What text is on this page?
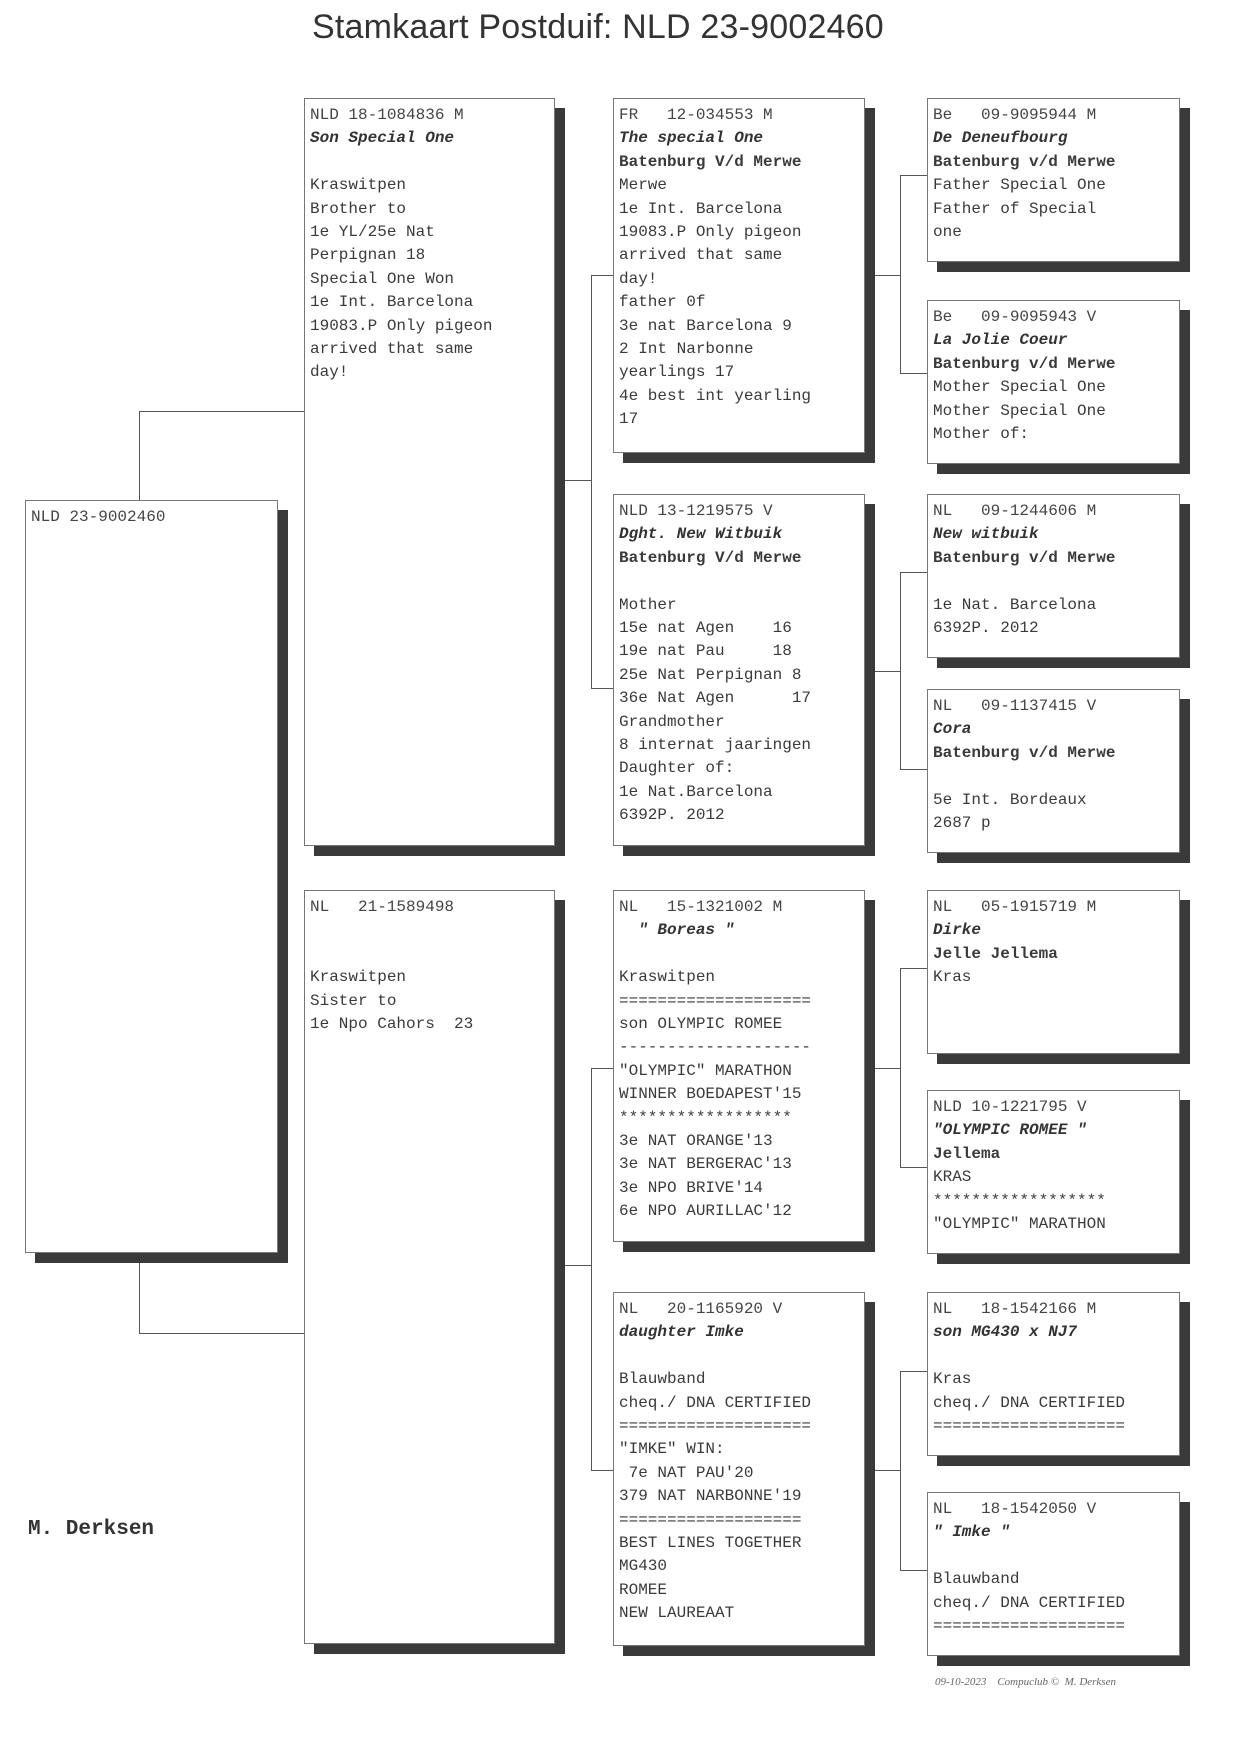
Stamkaart Postduif: NLD 23-9002460
NLD 23-9002460
NLD 18-1084836 M
Son Special One
Kraswitpen
Brother to
1e YL/25e Nat
Perpignan 18
Special One Won
1e Int. Barcelona
19083.P Only pigeon
arrived that same
day!
NL   21-1589498
Kraswitpen
Sister to
1e Npo Cahors  23
FR   12-034553 M
The special One
Batenburg V/d Merwe
Merwe
1e Int. Barcelona
19083.P Only pigeon
arrived that same
day!
father 0f
3e nat Barcelona 9
2 Int Narbonne
yearlings 17
4e best int yearling
17
NLD 13-1219575 V
Dght. New Witbuik
Batenburg V/d Merwe
Mother
15e nat Agen    16
19e nat Pau     18
25e Nat Perpignan 8
36e Nat Agen      17
Grandmother
8 internat jaaringen
Daughter of:
1e Nat.Barcelona
6392P. 2012
NL   15-1321002 M
" Boreas "
Kraswitpen
====================
son OLYMPIC ROMEE
--------------------
"OLYMPIC" MARATHON
WINNER BOEDAPEST'15
******************
3e NAT ORANGE'13
3e NAT BERGERAC'13
3e NPO BRIVE'14
6e NPO AURILLAC'12
NL   20-1165920 V
daughter Imke
Blauwband
cheq./ DNA CERTIFIED
====================
"IMKE" WIN:
7e NAT PAU'20
379 NAT NARBONNE'19
===================
BEST LINES TOGETHER
MG430
ROMEE
NEW LAUREAAT
Be   09-9095944 M
De Deneufbourg
Batenburg v/d Merwe
Father Special One
Father of Special
one
Be   09-9095943 V
La Jolie Coeur
Batenburg v/d Merwe
Mother Special One
Mother Special One
Mother of:
NL   09-1244606 M
New witbuik
Batenburg v/d Merwe
1e Nat. Barcelona
6392P. 2012
NL   09-1137415 V
Cora
Batenburg v/d Merwe
5e Int. Bordeaux
2687 p
NL   05-1915719 M
Dirke
Jelle Jellema
Kras
NLD 10-1221795 V
"OLYMPIC ROMEE "
Jellema
KRAS
******************
"OLYMPIC" MARATHON
NL   18-1542166 M
son MG430 x NJ7
Kras
cheq./ DNA CERTIFIED
====================
NL   18-1542050 V
" Imke "
Blauwband
cheq./ DNA CERTIFIED
====================
M. Derksen
09-10-2023    Compuclub ©  M. Derksen
